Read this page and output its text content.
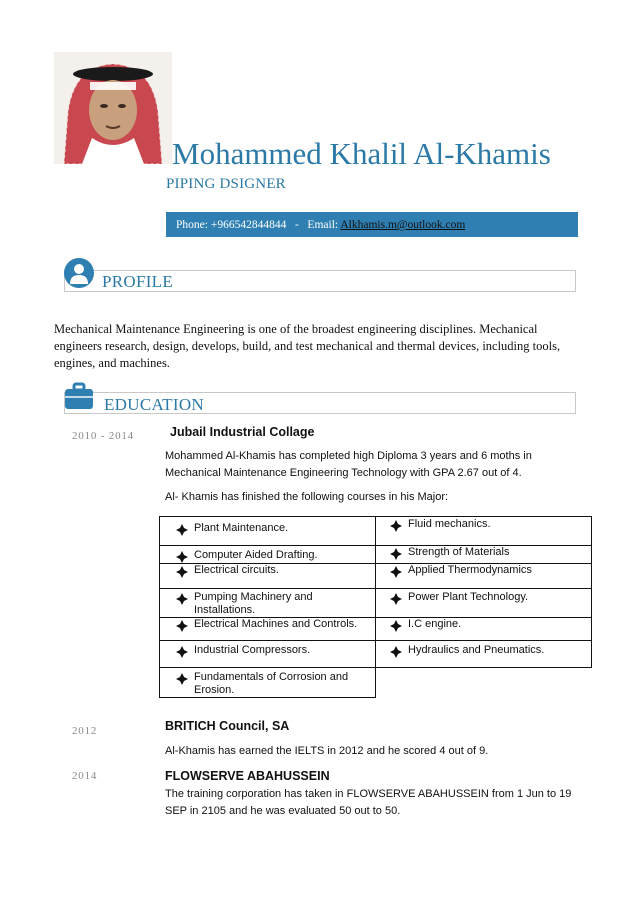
Mohammed Khalil Al-Khamis
PIPING DSIGNER
Phone: +966542844844 - Email: Alkhamis.m@outlook.com
PROFILE
Mechanical Maintenance Engineering is one of the broadest engineering disciplines. Mechanical engineers research, design, develops, build, and test mechanical and thermal devices, including tools, engines, and machines.
EDUCATION
2010 - 2014	Jubail Industrial Collage
Mohammed Al-Khamis has completed high Diploma 3 years and 6 moths in Mechanical Maintenance Engineering Technology with GPA 2.67 out of 4.
Al- Khamis has finished the following courses in his Major:
Plant Maintenance.	Fluid mechanics.

Computer Aided Drafting.	Strength of Materials

Electrical circuits.	Applied Thermodynamics

Pumping Machinery and Installations.	Power Plant Technology.

Electrical Machines and Controls.	I.C engine.

Industrial Compressors.	Hydraulics and Pneumatics.

Fundamentals of Corrosion and Erosion.	

2012	BRITICH Council, SA
Al-Khamis has earned the IELTS in 2012 and he scored 4 out of 9.
2014	FLOWSERVE ABAHUSSEIN
The training corporation has taken in FLOWSERVE ABAHUSSEIN from 1 Jun to 19 SEP in 2105 and he was evaluated 50 out to 50.
